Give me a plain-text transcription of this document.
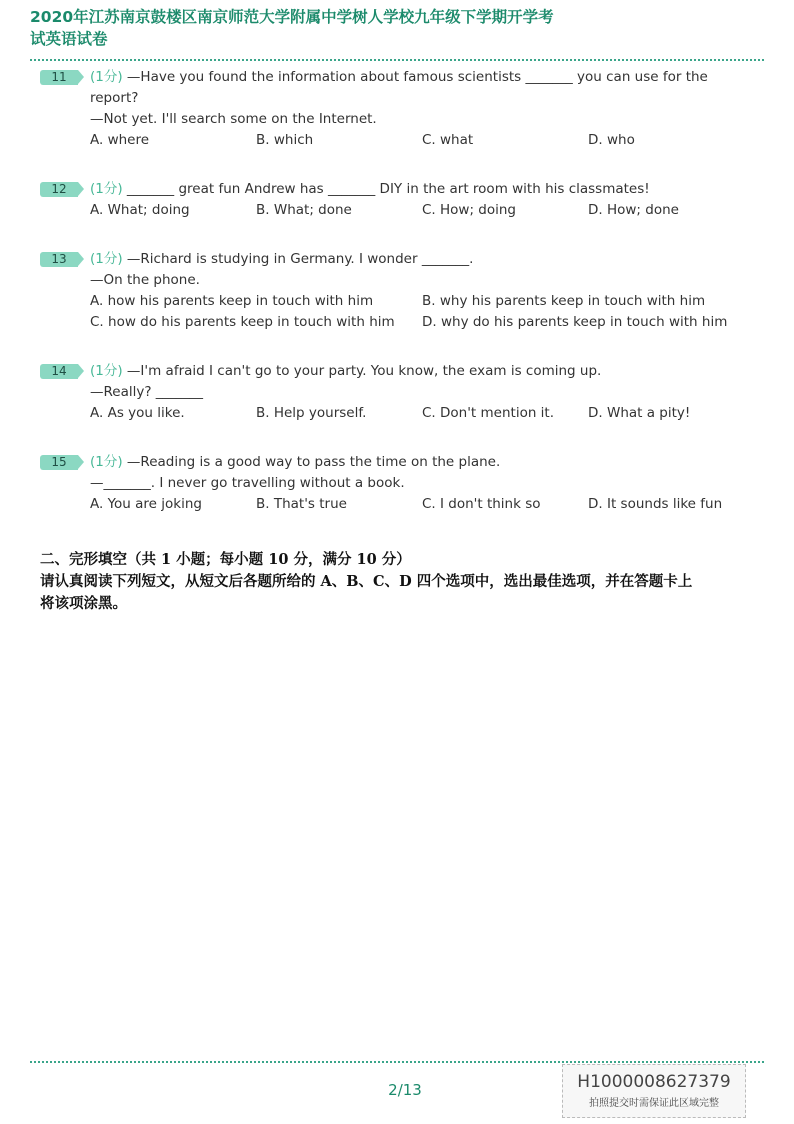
2020年江苏南京鼓楼区南京师范大学附属中学树人学校九年级下学期开学考
试英语试卷
11	(1分) —Have you found the information about famous scientists _______ you can use for the
report?
—Not yet. I'll search some on the Internet.
A. where	B. which	C. what	D. who
12	(1分) _______ great fun Andrew has _______ DIY in the art room with his classmates!
A. What; doing	B. What; done	C. How; doing	D. How; done
13	(1分) —Richard is studying in Germany. I wonder _______.
—On the phone.
A. how his parents keep in touch with him	B. why his parents keep in touch with him
C. how do his parents keep in touch with him	D. why do his parents keep in touch with him
14	(1分) —I'm afraid I can't go to your party. You know, the exam is coming up.
—Really? _______
A. As you like.	B. Help yourself.	C. Don't mention it.	D. What a pity!
15	(1分) —Reading is a good way to pass the time on the plane.
—_______. I never go travelling without a book.
A. You are joking	B. That's true	C. I don't think so	D. It sounds like fun
二、完形填空（共 1 小题；每小题 10 分，满分 10 分）
请认真阅读下列短文，从短文后各题所给的 A、B、C、D 四个选项中，选出最佳选项，并在答题卡上
将该项涂黑。
2/13	H1000008627379
拍照提交时需保证此区域完整
